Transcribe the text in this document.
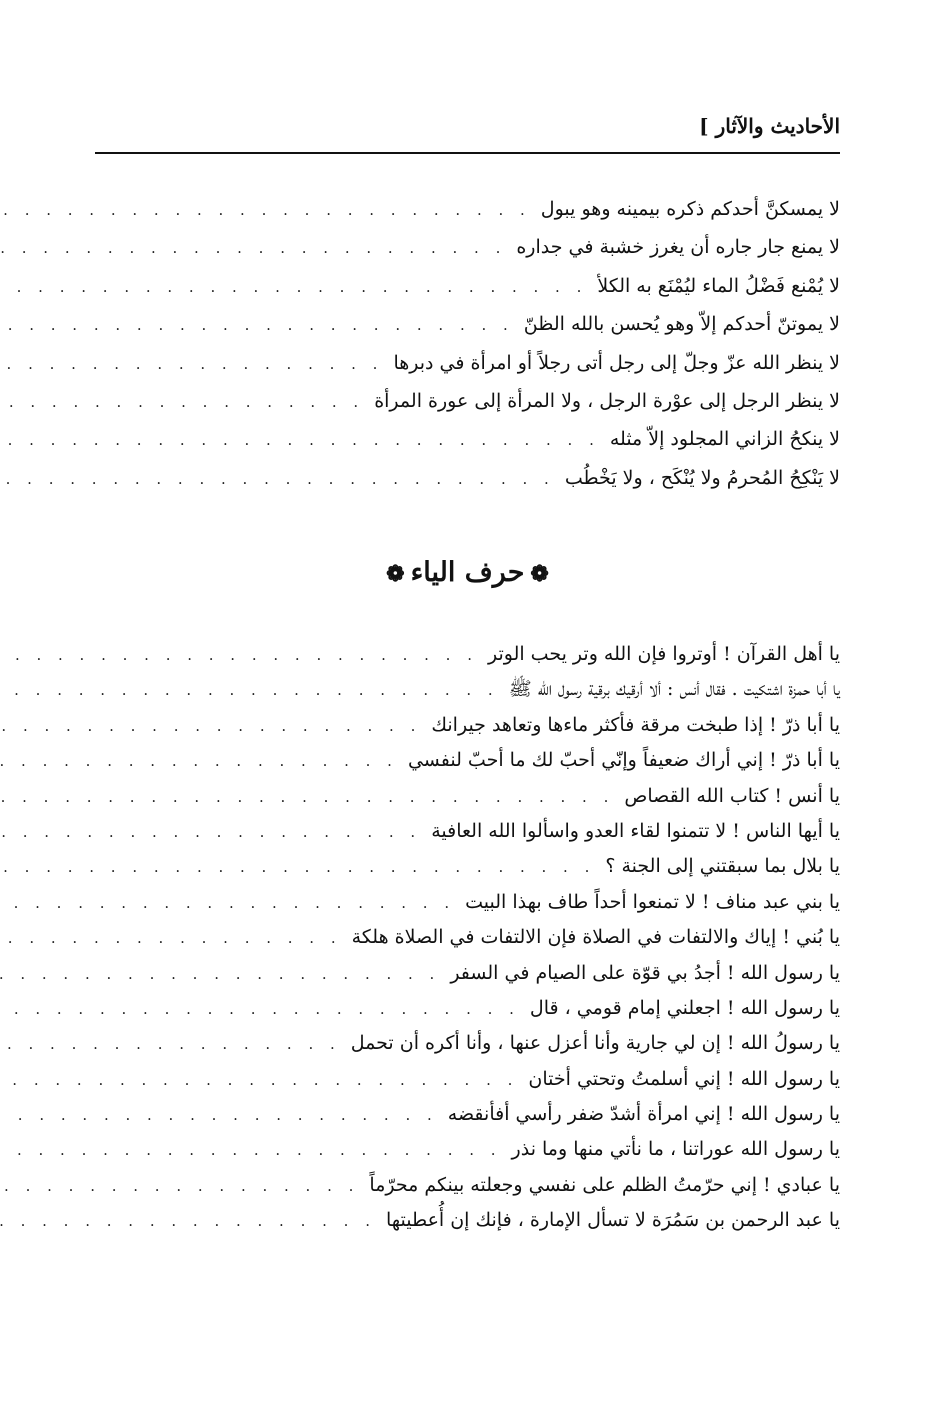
الأحاديث والآثار ]
لا يمسكنَّ أحدكم ذكره بيمينه وهو يبول
. . .
لا يمنع جار جاره أن يغرز خشبة في جداره
. . .
لا يُمْنع فَضْلُ الماء ليُمْنَع به الكلأ
. . .
لا يموتنّ أحدكم إلاّ وهو يُحسن بالله الظنّ
. . .
لا ينظر الله عزّ وجلّ إلى رجل أتى رجلاً أو امرأة في دبرها
. . .
لا ينظر الرجل إلى عوْرة الرجل ، ولا المرأة إلى عورة المرأة
. . .
لا ينكحُ الزاني المجلود إلاّ مثله
. . .
لا يَنْكِحُ المُحرمُ ولا يُنْكَح ، ولا يَخْطُب
. . .
❁حرف الياء❁
يا أهل القرآن ! أوتروا فإن الله وتر يحب الوتر
. . .
يا أبا حمزة اشتكيت . فقال أنس : ألا أرقيك برقية رسول الله ﷺ
. . .
يا أبا ذرّ ! إذا طبخت مرقة فأكثر ماءها وتعاهد جيرانك
. . .
يا أبا ذرّ ! إني أراك ضعيفاً وإنّي أحبّ لك ما أحبّ لنفسي
. . .
يا أنس ! كتاب الله القصاص
. . .
يا أيها الناس ! لا تتمنوا لقاء العدو واسألوا الله العافية
. . .
يا بلال بما سبقتني إلى الجنة ؟
. . .
يا بني عبد مناف ! لا تمنعوا أحداً طاف بهذا البيت
. . .
يا بُني ! إياك والالتفات في الصلاة فإن الالتفات في الصلاة هلكة
. . .
يا رسول الله ! أجدُ بي قوّة على الصيام في السفر
. . .
يا رسول الله ! اجعلني إمام قومي ، قال
. . .
يا رسولُ الله ! إن لي جارية وأنا أعزل عنها ، وأنا أكره أن تحمل
. . .
يا رسول الله ! إني أسلمتُ وتحتي أختان
. . .
يا رسول الله ! إني امرأة أشدّ ضفر رأسي أفأنقضه
. . .
يا رسول الله عوراتنا ، ما نأتي منها وما نذر
. . .
يا عبادي ! إني حرّمتُ الظلم على نفسي وجعلته بينكم محرّماً
. . .
يا عبد الرحمن بن سَمُرَة لا تسأل الإمارة ، فإنك إن أُعطيتها
. . .
